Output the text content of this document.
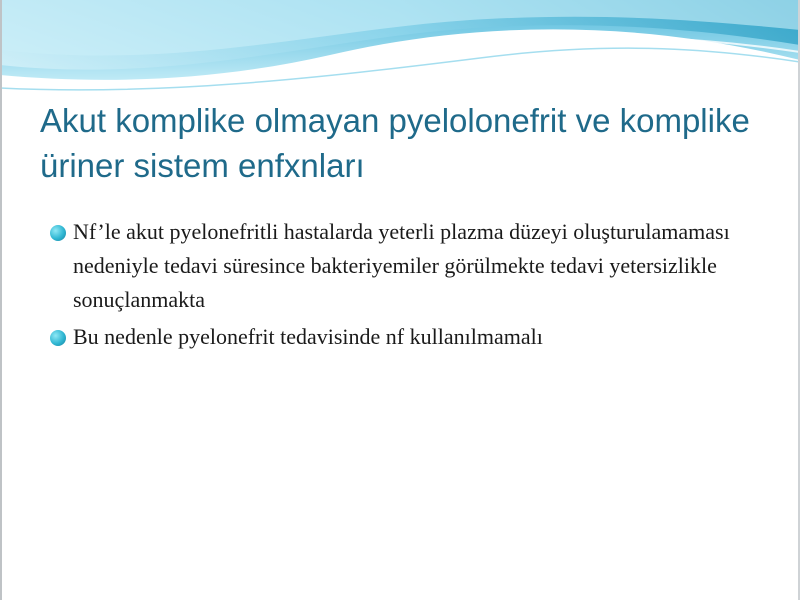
Akut komplike olmayan pyelolonefrit ve komplike üriner sistem enfxnları
Nf’le akut pyelonefritli hastalarda yeterli plazma düzeyi oluşturulamaması nedeniyle tedavi süresince bakteriyemiler görülmekte tedavi yetersizlikle sonuçlanmakta
Bu nedenle pyelonefrit tedavisinde nf kullanılmamalı
